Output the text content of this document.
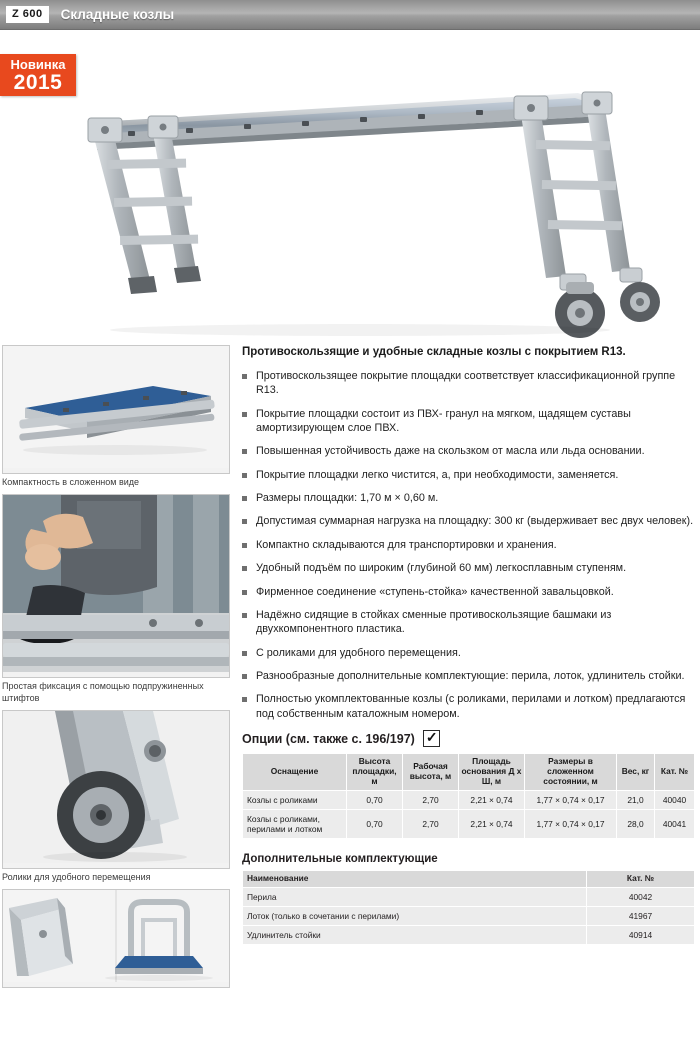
Z 600	Складные козлы
Новинка
2015
Компактность в сложенном виде
Простая фиксация с помощью подпружиненных штифтов
Ролики для удобного перемещения

Противоскользящие и удобные складные козлы с покрытием R13.

Противоскользящее покрытие площадки соответствует классификационной группе R13.
Покрытие площадки состоит из ПВХ- гранул на мягком, щадящем суставы амортизирующем слое ПВХ.
Повышенная устойчивость даже на скользком от масла или льда основании.
Покрытие площадки легко чистится, а, при необходимости, заменяется.
Размеры площадки: 1,70 м × 0,60 м.
Допустимая суммарная нагрузка на площадку: 300 кг (выдерживает вес двух человек).
Компактно складываются для транспортировки и хранения.
Удобный подъём по широким (глубиной 60 мм) легкосплавным ступеням.
Фирменное соединение «ступень-стойка» качественной завальцовкой.
Надёжно сидящие в стойках сменные противоскользящие башмаки из двухкомпонентного пластика.
С роликами для удобного перемещения.
Разнообразные дополнительные комплектующие: перила, лоток, удлинитель стойки.
Полностью укомплектованные козлы (с роликами, перилами и лотком) предлагаются под собственным каталожным номером.
Опции (см. также с. 196/197)
✓
Оснащение	Высота площадки, м	Рабочая высота, м	Площадь основания Д х Ш, м	Размеры в сложенном состоянии, м	Вес, кг	Кат. №
Козлы с роликами	0,70	2,70	2,21 × 0,74	1,77 × 0,74 × 0,17	21,0	40040
Козлы с роликами, перилами и лотком	0,70	2,70	2,21 × 0,74	1,77 × 0,74 × 0,17	28,0	40041
Дополнительные комплектующие
Наименование	Кат. №
Перила	40042
Лоток (только в сочетании с перилами)	41967
Удлинитель стойки	40914
